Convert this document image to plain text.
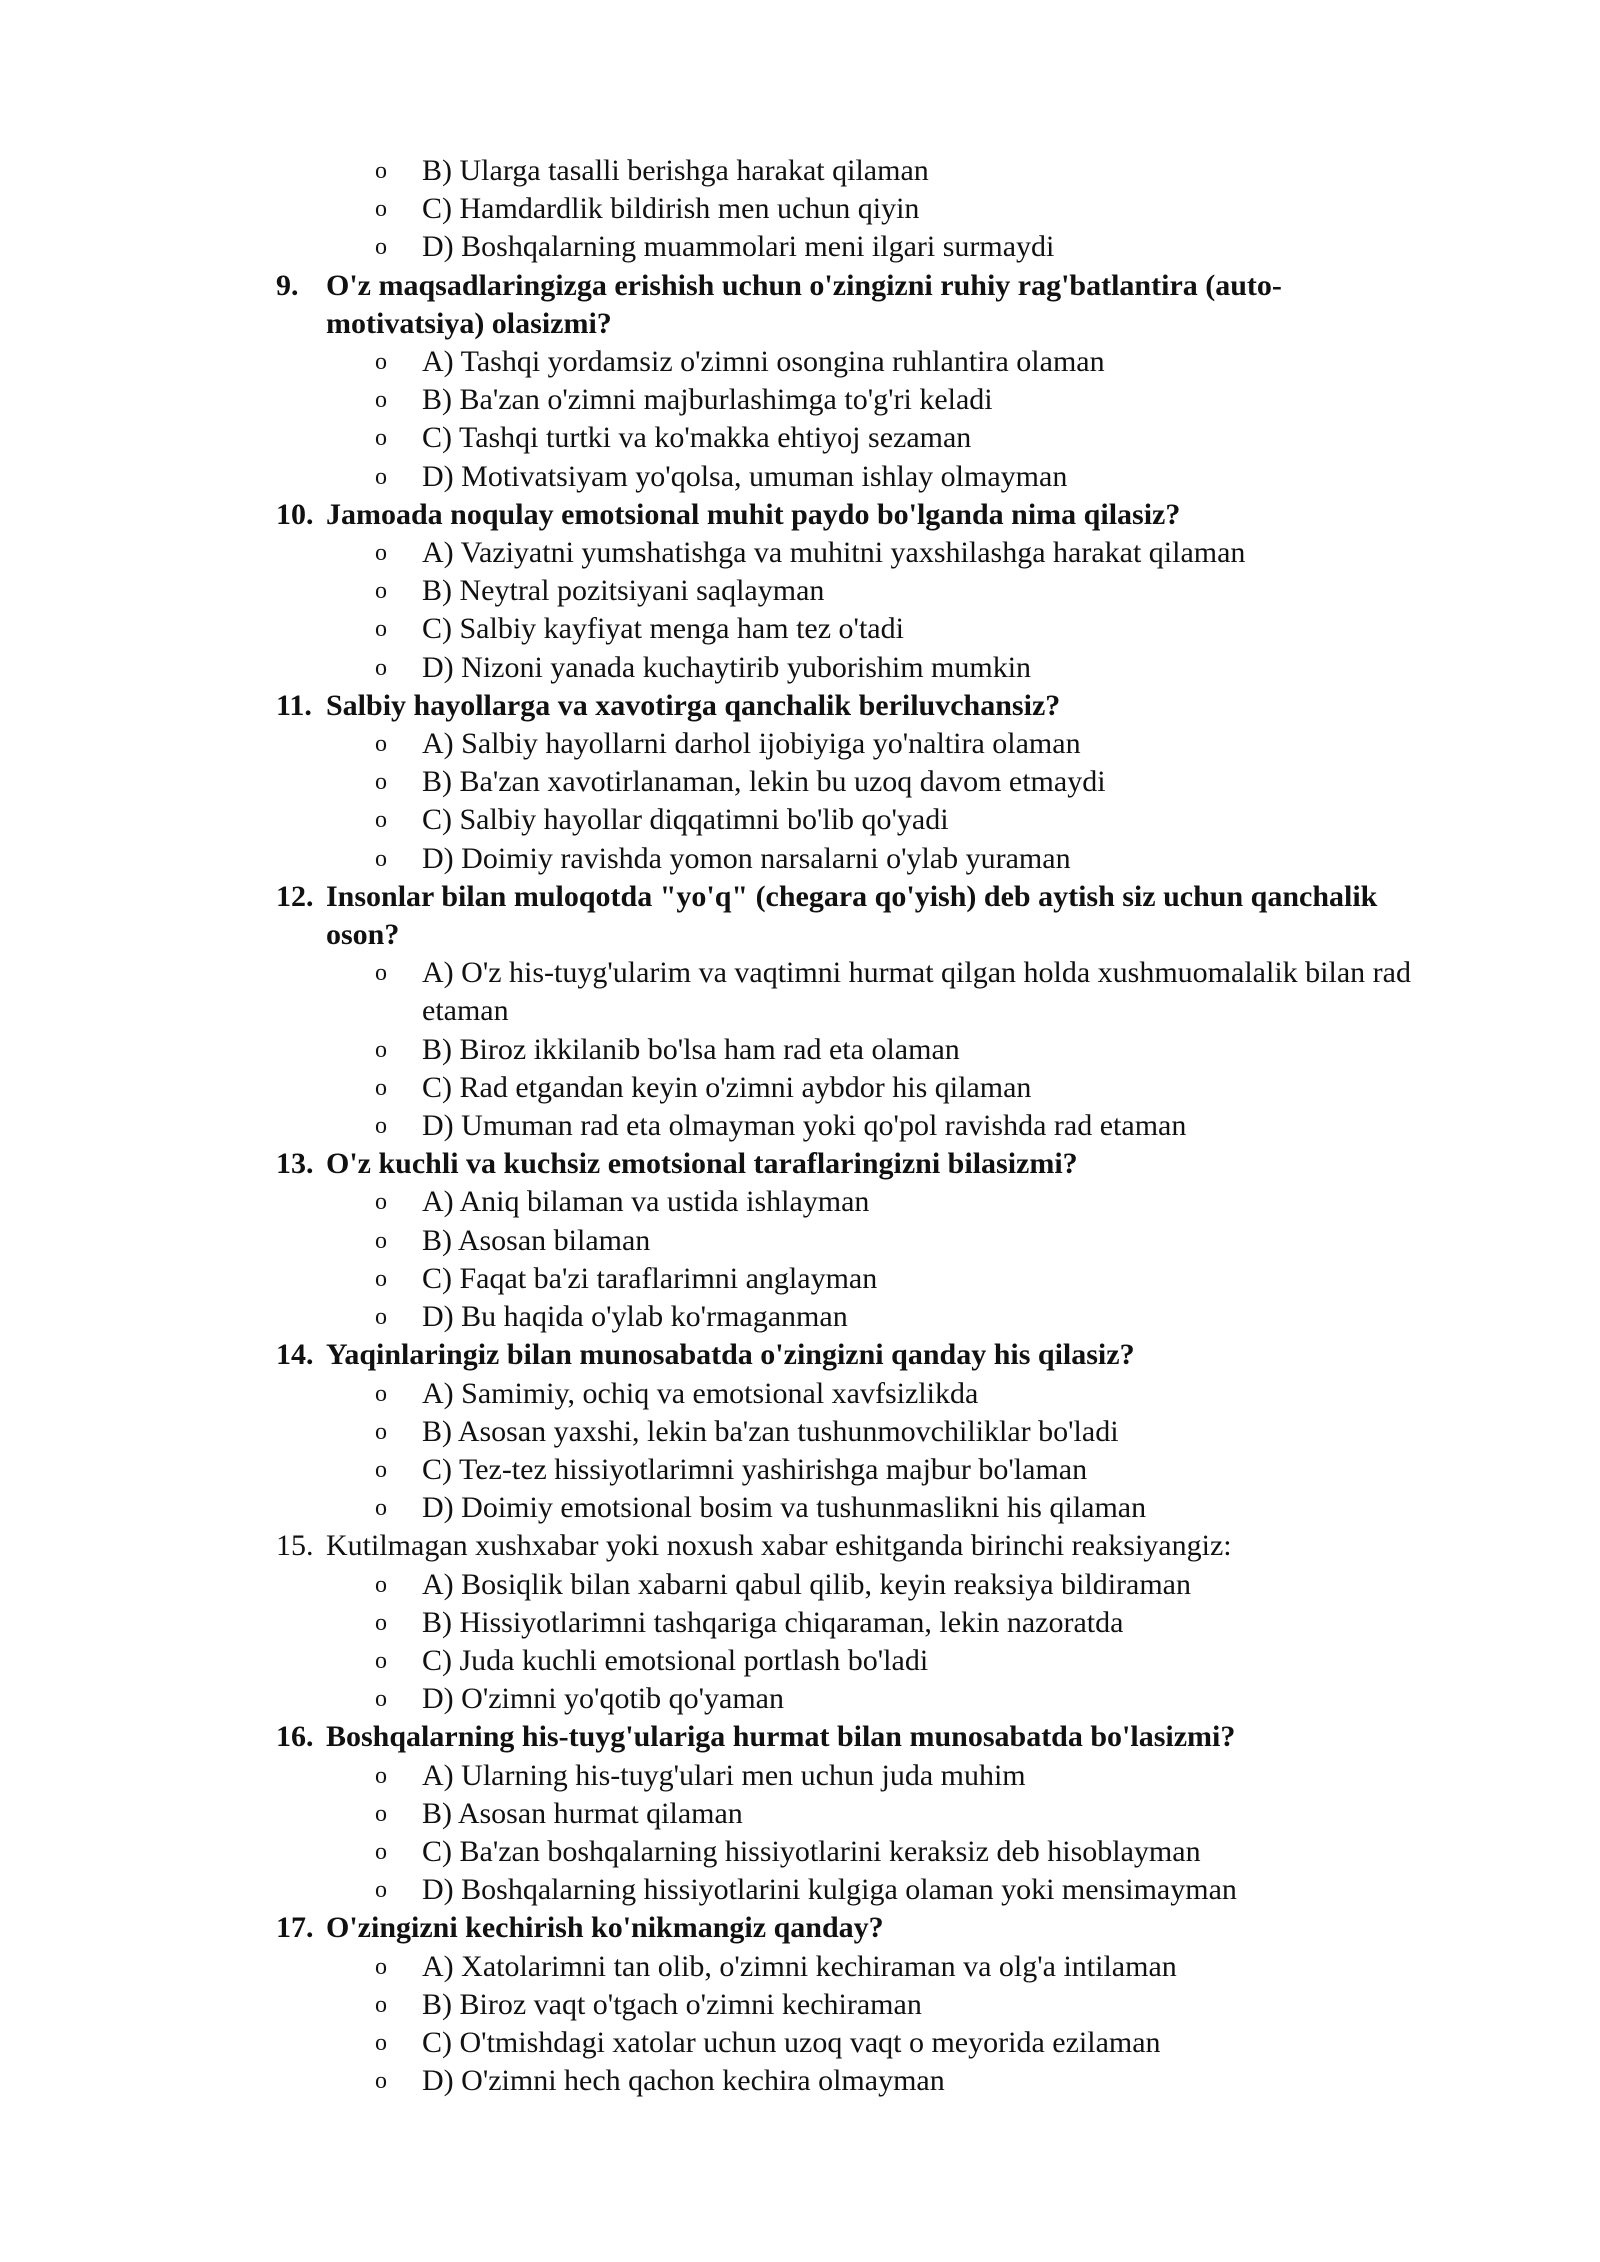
o B) Ularga tasalli berishga harakat qilaman
o C) Hamdardlik bildirish men uchun qiyin
o D) Boshqalarning muammolari meni ilgari surmaydi
9. O'z maqsadlaringizga erishish uchun o'zingizni ruhiy rag'batlantira (auto-motivatsiya) olasizmi?
o A) Tashqi yordamsiz o'zimni osongina ruhlantira olaman
o B) Ba'zan o'zimni majburlashimga to'g'ri keladi
o C) Tashqi turtki va ko'makka ehtiyoj sezaman
o D) Motivatsiyam yo'qolsa, umuman ishlay olmayman
10. Jamoada noqulay emotsional muhit paydo bo'lganda nima qilasiz?
o A) Vaziyatni yumshatishga va muhitni yaxshilashga harakat qilaman
o B) Neytral pozitsiyani saqlayman
o C) Salbiy kayfiyat menga ham tez o'tadi
o D) Nizoni yanada kuchaytirib yuborishim mumkin
11. Salbiy hayollarga va xavotirga qanchalik beriluvchansiz?
o A) Salbiy hayollarni darhol ijobiyiga yo'naltira olaman
o B) Ba'zan xavotirlanaman, lekin bu uzoq davom etmaydi
o C) Salbiy hayollar diqqatimni bo'lib qo'yadi
o D) Doimiy ravishda yomon narsalarni o'ylab yuraman
12. Insonlar bilan muloqotda "yo'q" (chegara qo'yish) deb aytish siz uchun qanchalik oson?
o A) O'z his-tuyg'ularim va vaqtimni hurmat qilgan holda xushmuomalalik bilan rad etaman
o B) Biroz ikkilanib bo'lsa ham rad eta olaman
o C) Rad etgandan keyin o'zimni aybdor his qilaman
o D) Umuman rad eta olmayman yoki qo'pol ravishda rad etaman
13. O'z kuchli va kuchsiz emotsional taraflaringizni bilasizmi?
o A) Aniq bilaman va ustida ishlayman
o B) Asosan bilaman
o C) Faqat ba'zi taraflarimni anglayman
o D) Bu haqida o'ylab ko'rmaganman
14. Yaqinlaringiz bilan munosabatda o'zingizni qanday his qilasiz?
o A) Samimiy, ochiq va emotsional xavfsizlikda
o B) Asosan yaxshi, lekin ba'zan tushunmovchiliklar bo'ladi
o C) Tez-tez hissiyotlarimni yashirishga majbur bo'laman
o D) Doimiy emotsional bosim va tushunmaslikni his qilaman
15. Kutilmagan xushxabar yoki noxush xabar eshitganda birinchi reaksiyangiz:
o A) Bosiqlik bilan xabarni qabul qilib, keyin reaksiya bildiraman
o B) Hissiyotlarimni tashqariga chiqaraman, lekin nazoratda
o C) Juda kuchli emotsional portlash bo'ladi
o D) O'zimni yo'qotib qo'yaman
16. Boshqalarning his-tuyg'ulariga hurmat bilan munosabatda bo'lasizmi?
o A) Ularning his-tuyg'ulari men uchun juda muhim
o B) Asosan hurmat qilaman
o C) Ba'zan boshqalarning hissiyotlarini keraksiz deb hisoblayman
o D) Boshqalarning hissiyotlarini kulgiga olaman yoki mensimayman
17. O'zingizni kechirish ko'nikmangiz qanday?
o A) Xatolarimni tan olib, o'zimni kechiraman va olg'a intilaman
o B) Biroz vaqt o'tgach o'zimni kechiraman
o C) O'tmishdagi xatolar uchun uzoq vaqt o meyorida ezilaman
o D) O'zimni hech qachon kechira olmayman
